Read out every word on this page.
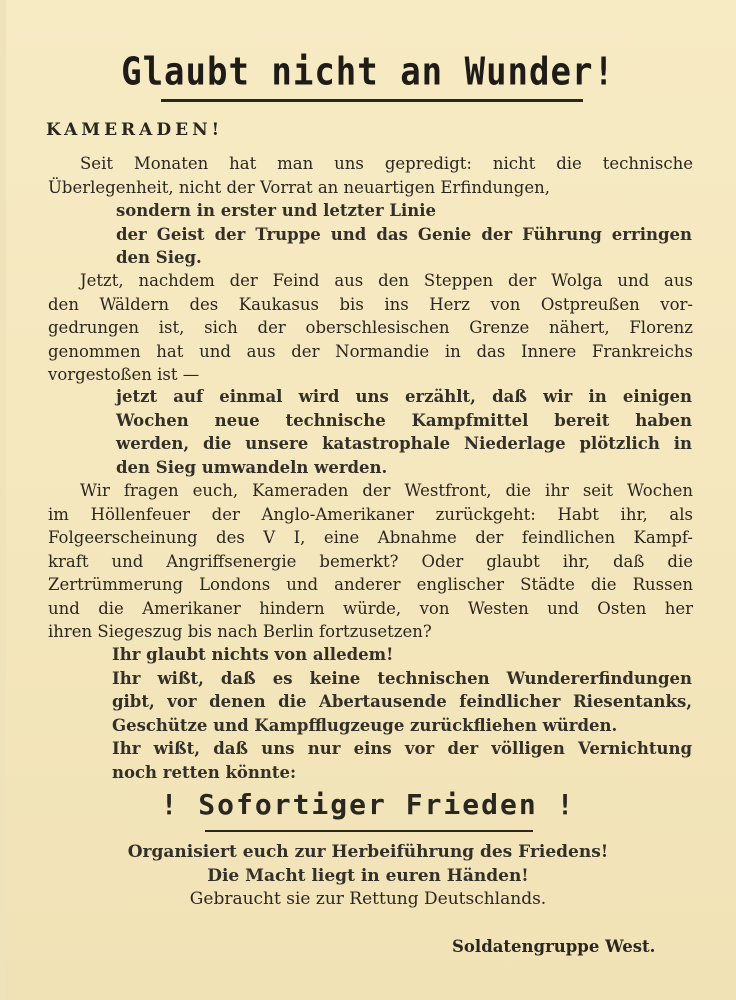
Glaubt nicht an Wunder!
KAMERADEN!
Seit Monaten hat man uns gepredigt: nicht die technische
Überlegenheit, nicht der Vorrat an neuartigen Erfindungen,
sondern in erster und letzter Linie
der Geist der Truppe und das Genie der Führung erringen
den Sieg.
Jetzt, nachdem der Feind aus den Steppen der Wolga und aus
den Wäldern des Kaukasus bis ins Herz von Ostpreußen vor-
gedrungen ist, sich der oberschlesischen Grenze nähert, Florenz
genommen hat und aus der Normandie in das Innere Frankreichs
vorgestoßen ist —
jetzt auf einmal wird uns erzählt, daß wir in einigen
Wochen neue technische Kampfmittel bereit haben
werden, die unsere katastrophale Niederlage plötzlich in
den Sieg umwandeln werden.
Wir fragen euch, Kameraden der Westfront, die ihr seit Wochen
im Höllenfeuer der Anglo-Amerikaner zurückgeht: Habt ihr, als
Folgeerscheinung des V I, eine Abnahme der feindlichen Kampf-
kraft und Angriffsenergie bemerkt? Oder glaubt ihr, daß die
Zertrümmerung Londons und anderer englischer Städte die Russen
und die Amerikaner hindern würde, von Westen und Osten her
ihren Siegeszug bis nach Berlin fortzusetzen?
Ihr glaubt nichts von alledem!
Ihr wißt, daß es keine technischen Wundererfindungen
gibt, vor denen die Abertausende feindlicher Riesentanks,
Geschütze und Kampfflugzeuge zurückfliehen würden.
Ihr wißt, daß uns nur eins vor der völligen Vernichtung
noch retten könnte:
! Sofortiger Frieden !
Organisiert euch zur Herbeiführung des Friedens!
Die Macht liegt in euren Händen!
Gebraucht sie zur Rettung Deutschlands.
Soldatengruppe West.
